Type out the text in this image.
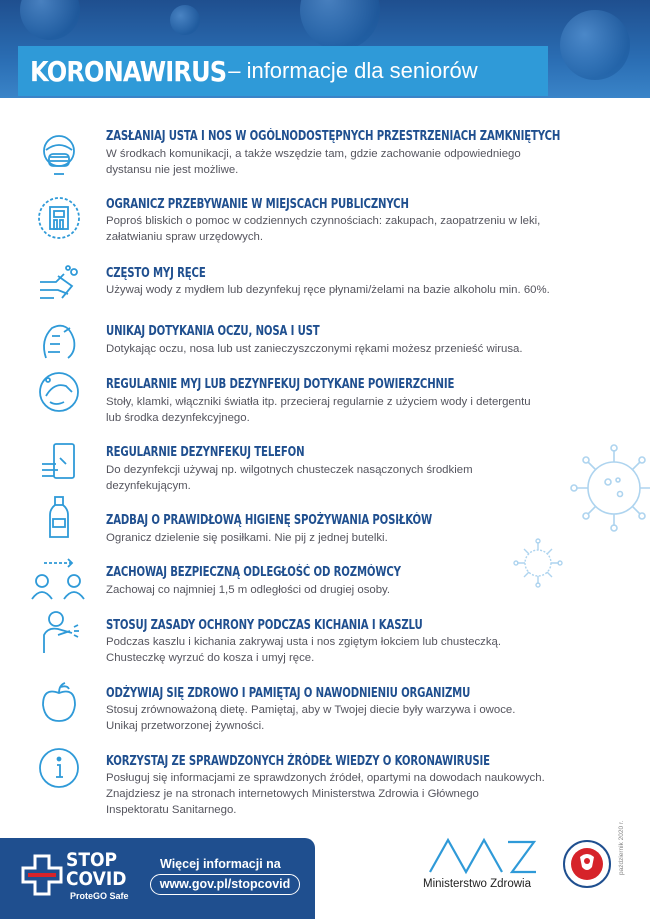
KORONAWIRUS – informacje dla seniorów
ZASŁANIAJ USTA I NOS W OGÓLNODOSTĘPNYCH PRZESTRZENIACH ZAMKNIĘTYCH
W środkach komunikacji, a także wszędzie tam, gdzie zachowanie odpowiedniego
dystansu nie jest możliwe.
OGRANICZ PRZEBYWANIE W MIEJSCACH PUBLICZNYCH
Poproś bliskich o pomoc w codziennych czynnościach: zakupach, zaopatrzeniu w leki,
załatwianiu spraw urzędowych.
CZĘSTO MYJ RĘCE
Używaj wody z mydłem lub dezynfekuj ręce płynami/żelami na bazie alkoholu min. 60%.
UNIKAJ DOTYKANIA OCZU, NOSA I UST
Dotykając oczu, nosa lub ust zanieczyszczonymi rękami możesz przenieść wirusa.
REGULARNIE MYJ LUB DEZYNFEKUJ DOTYKANE POWIERZCHNIE
Stoły, klamki, włączniki światła itp. przecieraj regularnie z użyciem wody i detergentu
lub środka dezynfekcyjnego.
REGULARNIE DEZYNFEKUJ TELEFON
Do dezynfekcji używaj np. wilgotnych chusteczek nasączonych środkiem
dezynfekującym.
ZADBAJ O PRAWIDŁOWĄ HIGIENĘ SPOŻYWANIA POSIŁKÓW
Ogranicz dzielenie się posiłkami. Nie pij z jednej butelki.
ZACHOWAJ BEZPIECZNĄ ODLEGŁOŚĆ OD ROZMÓWCY
Zachowaj co najmniej 1,5 m odległości od drugiej osoby.
STOSUJ ZASADY OCHRONY PODCZAS KICHANIA I KASZLU
Podczas kaszlu i kichania zakrywaj usta i nos zgiętym łokciem lub chusteczką.
Chusteczkę wyrzuć do kosza i umyj ręce.
ODŻYWIAJ SIĘ ZDROWO I PAMIĘTAJ O NAWODNIENIU ORGANIZMU
Stosuj zrównoważoną dietę. Pamiętaj, aby w Twojej diecie były warzywa i owoce.
Unikaj przetworzonej żywności.
KORZYSTAJ ZE SPRAWDZONYCH ŹRÓDEŁ WIEDZY O KORONAWIRUSIE
Posługuj się informacjami ze sprawdzonych źródeł, opartymi na dowodach naukowych.
Znajdziesz je na stronach internetowych Ministerstwa Zdrowia i Głównego
Inspektoratu Sanitarnego.
STOP
COVID
ProteGO Safe
Więcej informacji na
www.gov.pl/stopcovid	Ministerstwo Zdrowia
październik 2020 r.
